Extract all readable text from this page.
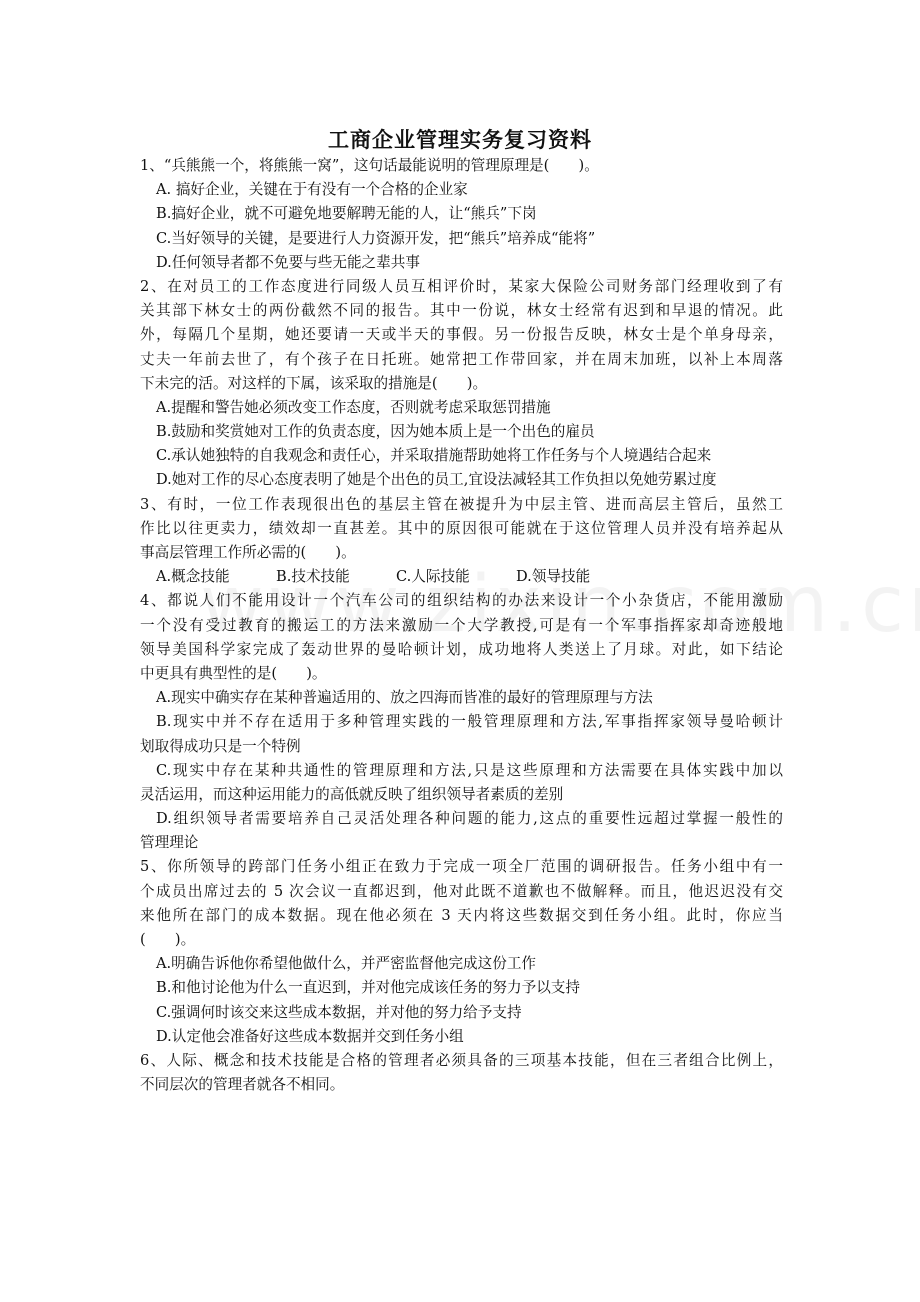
工商企业管理实务复习资料
1、“兵熊熊一个，将熊熊一窝”，这句话最能说明的管理原理是(　　)。
A. 搞好企业，关键在于有没有一个合格的企业家
B.搞好企业，就不可避免地要解聘无能的人，让“熊兵”下岗
C.当好领导的关键，是要进行人力资源开发，把“熊兵”培养成“能将”
D.任何领导者都不免要与些无能之辈共事
2、在对员工的工作态度进行同级人员互相评价时，某家大保险公司财务部门经理收到了有
关其部下林女士的两份截然不同的报告。其中一份说，林女士经常有迟到和早退的情况。此
外，每隔几个星期，她还要请一天或半天的事假。另一份报告反映，林女士是个单身母亲，
丈夫一年前去世了，有个孩子在日托班。她常把工作带回家，并在周末加班，以补上本周落
下未完的活。对这样的下属，该采取的措施是(　　)。
A.提醒和警告她必须改变工作态度，否则就考虑采取惩罚措施
B.鼓励和奖赏她对工作的负责态度，因为她本质上是一个出色的雇员
C.承认她独特的自我观念和责任心，并采取措施帮助她将工作任务与个人境遇结合起来
D.她对工作的尽心态度表明了她是个出色的员工,宜设法减轻其工作负担以免她劳累过度
3、有时，一位工作表现很出色的基层主管在被提升为中层主管、进而高层主管后，虽然工
作比以往更卖力，绩效却一直甚差。其中的原因很可能就在于这位管理人员并没有培养起从
事高层管理工作所必需的(　　)。
A.概念技能	B.技术技能	C.人际技能	D.领导技能
4、都说人们不能用设计一个汽车公司的组织结构的办法来设计一个小杂货店，不能用激励
一个没有受过教育的搬运工的方法来激励一个大学教授,可是有一个军事指挥家却奇迹般地
领导美国科学家完成了轰动世界的曼哈顿计划，成功地将人类送上了月球。对此，如下结论
中更具有典型性的是(　　)。
A.现实中确实存在某种普遍适用的、放之四海而皆准的最好的管理原理与方法
B.现实中并不存在适用于多种管理实践的一般管理原理和方法,军事指挥家领导曼哈顿计
划取得成功只是一个特例
C.现实中存在某种共通性的管理原理和方法,只是这些原理和方法需要在具体实践中加以
灵活运用，而这种运用能力的高低就反映了组织领导者素质的差别
D.组织领导者需要培养自己灵活处理各种问题的能力,这点的重要性远超过掌握一般性的
管理理论
5、你所领导的跨部门任务小组正在致力于完成一项全厂范围的调研报告。任务小组中有一
个成员出席过去的 5 次会议一直都迟到，他对此既不道歉也不做解释。而且，他迟迟没有交
来他所在部门的成本数据。现在他必须在 3 天内将这些数据交到任务小组。此时，你应当
(　　)。
A.明确告诉他你希望他做什么，并严密监督他完成这份工作
B.和他讨论他为什么一直迟到，并对他完成该任务的努力予以支持
C.强调何时该交来这些成本数据，并对他的努力给予支持
D.认定他会准备好这些成本数据并交到任务小组
6、人际、概念和技术技能是合格的管理者必须具备的三项基本技能，但在三者组合比例上，
不同层次的管理者就各不相同。
